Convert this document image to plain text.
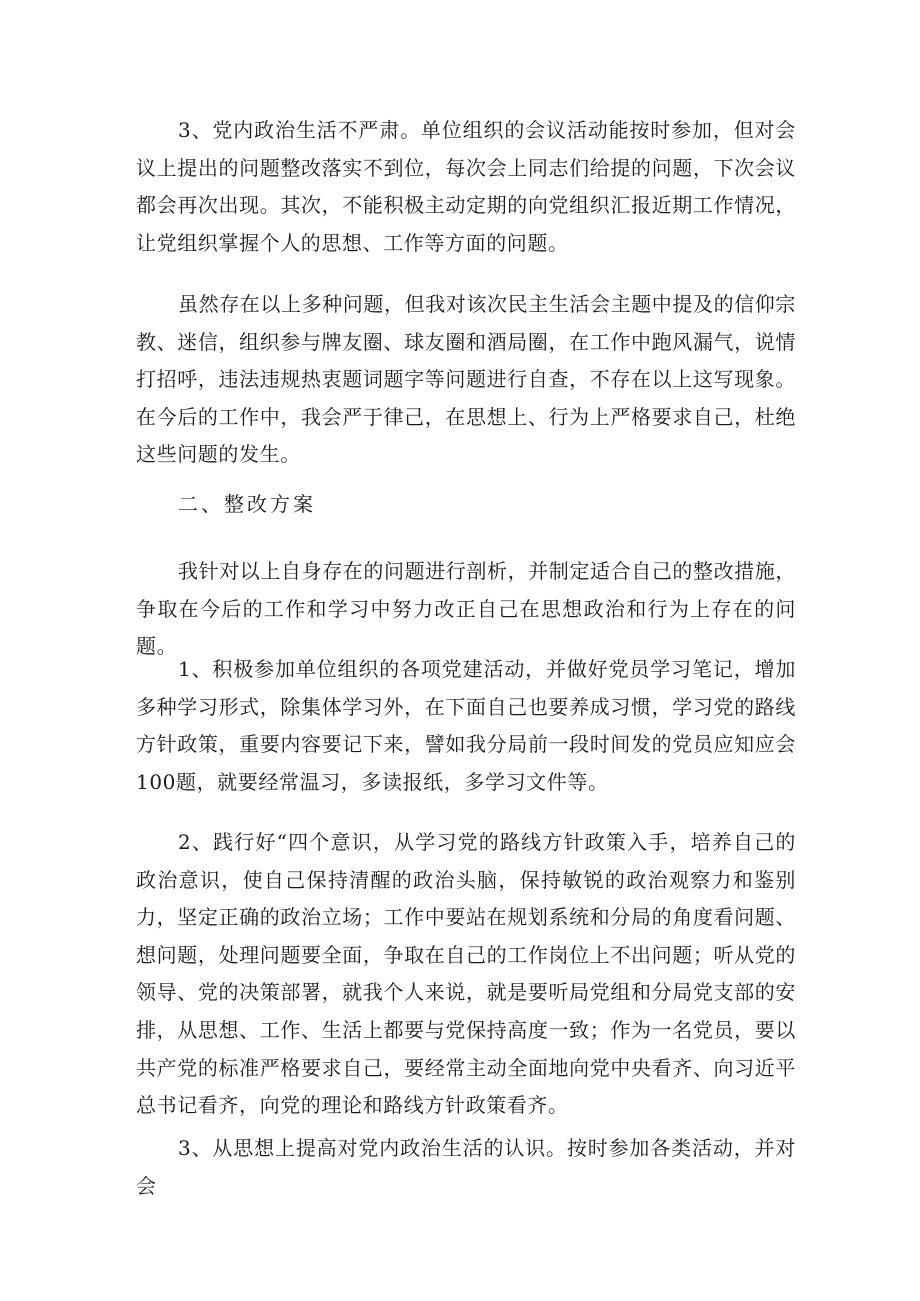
3、党内政治生活不严肃。单位组织的会议活动能按时参加，但对会议上提出的问题整改落实不到位，每次会上同志们给提的问题，下次会议都会再次出现。其次，不能积极主动定期的向党组织汇报近期工作情况，让党组织掌握个人的思想、工作等方面的问题。

虽然存在以上多种问题，但我对该次民主生活会主题中提及的信仰宗教、迷信，组织参与牌友圈、球友圈和酒局圈，在工作中跑风漏气，说情打招呼，违法违规热衷题词题字等问题进行自查，不存在以上这写现象。在今后的工作中，我会严于律己，在思想上、行为上严格要求自己，杜绝这些问题的发生。

二、整改方案

我针对以上自身存在的问题进行剖析，并制定适合自己的整改措施，争取在今后的工作和学习中努力改正自己在思想政治和行为上存在的问题。

1、积极参加单位组织的各项党建活动，并做好党员学习笔记，增加多种学习形式，除集体学习外，在下面自己也要养成习惯，学习党的路线方针政策，重要内容要记下来，譬如我分局前一段时间发的党员应知应会100题，就要经常温习，多读报纸，多学习文件等。

2、践行好“四个意识，从学习党的路线方针政策入手，培养自己的政治意识，使自己保持清醒的政治头脑，保持敏锐的政治观察力和鉴别力，坚定正确的政治立场；工作中要站在规划系统和分局的角度看问题、想问题，处理问题要全面，争取在自己的工作岗位上不出问题；听从党的领导、党的决策部署，就我个人来说，就是要听局党组和分局党支部的安排，从思想、工作、生活上都要与党保持高度一致；作为一名党员，要以共产党的标准严格要求自己，要经常主动全面地向党中央看齐、向习近平总书记看齐，向党的理论和路线方针政策看齐。

3、从思想上提高对党内政治生活的认识。按时参加各类活动，并对会
